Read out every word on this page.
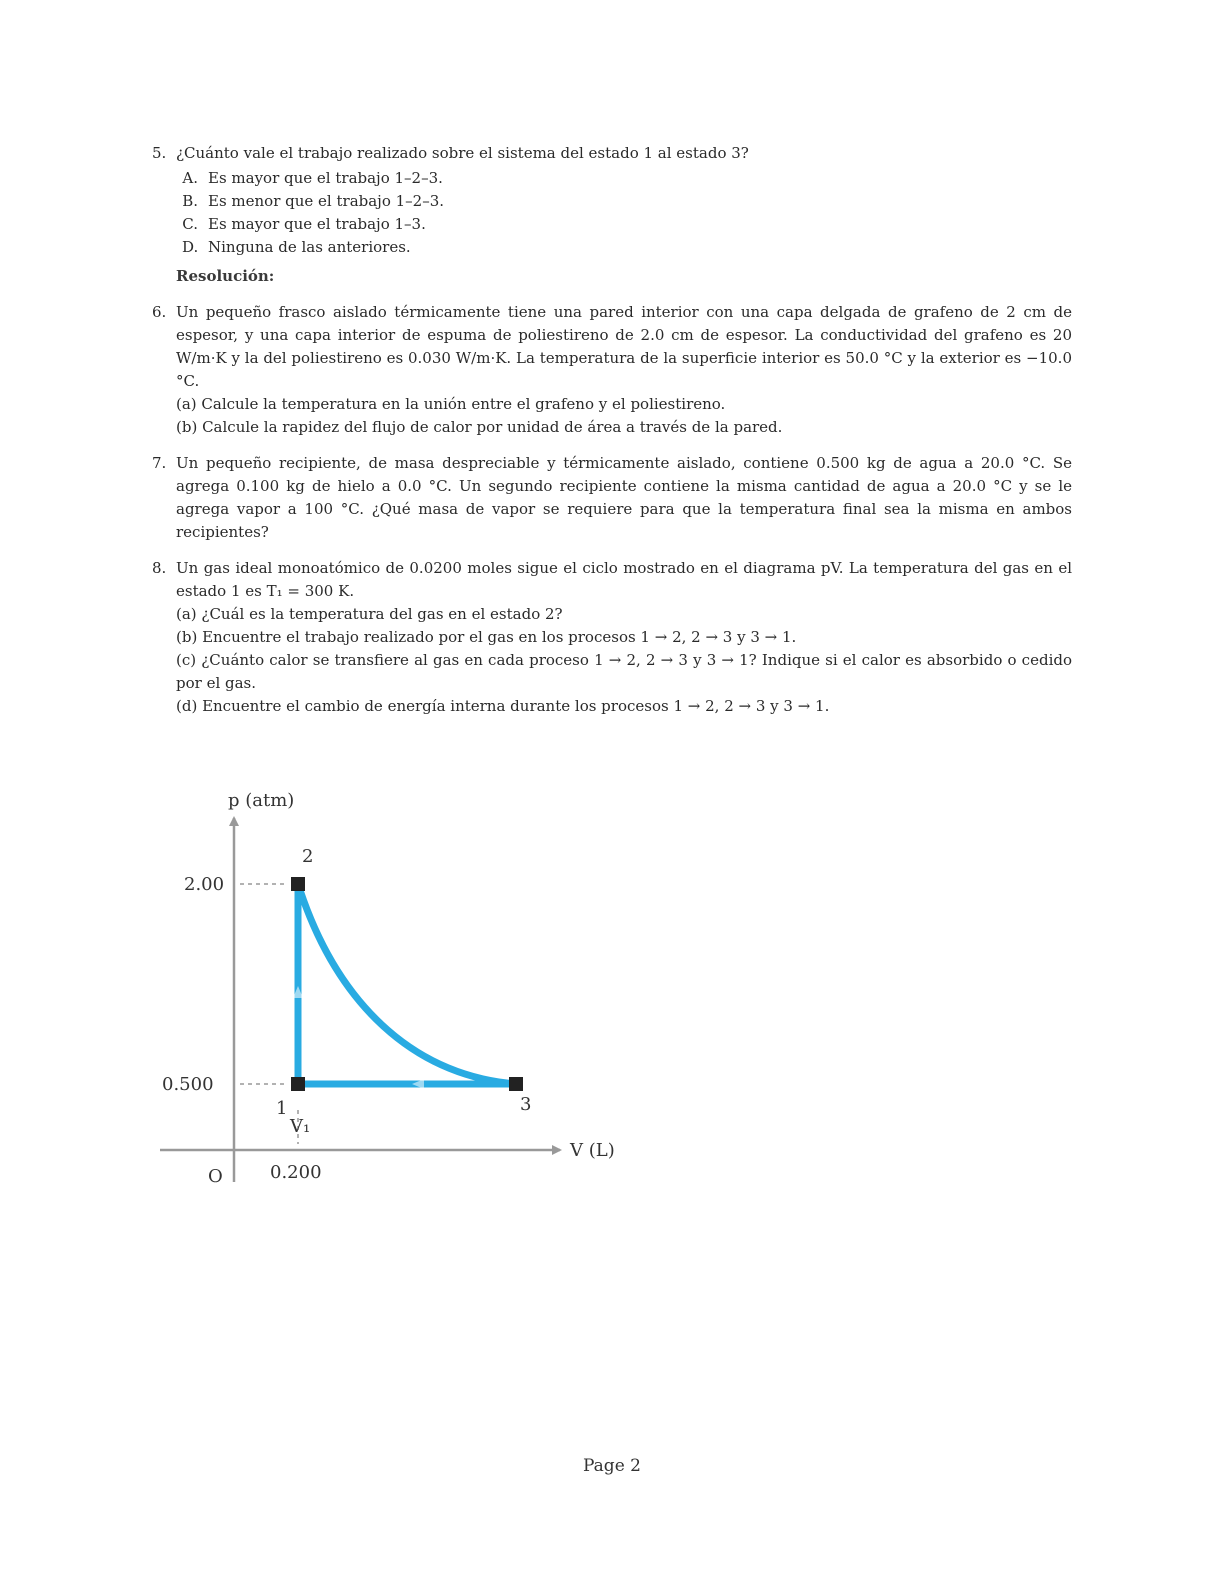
5. ¿Cuánto vale el trabajo realizado sobre el sistema del estado 1 al estado 3?

A. Es mayor que el trabajo 1–2–3.
B. Es menor que el trabajo 1–2–3.
C. Es mayor que el trabajo 1–3.
D. Ninguna de las anteriores.
Resolución:
6. Un pequeño frasco aislado térmicamente tiene una pared interior con una capa delgada de grafeno de 2 cm de espesor, y una capa interior de espuma de poliestireno de 2.0 cm de espesor. La conductividad del grafeno es 20 W/m·K y la del poliestireno es 0.030 W/m·K. La temperatura de la superficie interior es 50.0 °C y la exterior es −10.0 °C.

(a) Calcule la temperatura en la unión entre el grafeno y el poliestireno.
(b) Calcule la rapidez del flujo de calor por unidad de área a través de la pared.
7. Un pequeño recipiente, de masa despreciable y térmicamente aislado, contiene 0.500 kg de agua a 20.0 °C. Se agrega 0.100 kg de hielo a 0.0 °C. Un segundo recipiente contiene la misma cantidad de agua a 20.0 °C y se le agrega vapor a 100 °C. ¿Qué masa de vapor se requiere para que la temperatura final sea la misma en ambos recipientes?

8. Un gas ideal monoatómico de 0.0200 moles sigue el ciclo mostrado en el diagrama pV. La temperatura del gas en el estado 1 es T₁ = 300 K.

(a) ¿Cuál es la temperatura del gas en el estado 2?
(b) Encuentre el trabajo realizado por el gas en los procesos 1 → 2, 2 → 3 y 3 → 1.

(c) ¿Cuánto calor se transfiere al gas en cada proceso 1 → 2, 2 → 3 y 3 → 1? Indique si el calor es absorbido o cedido por el gas.

(d) Encuentre el cambio de energía interna durante los procesos 1 → 2, 2 → 3 y 3 → 1.
p (atm)
V (L)
O
2.00
0.500
0.200
2
1
V₁
3
Page 2
